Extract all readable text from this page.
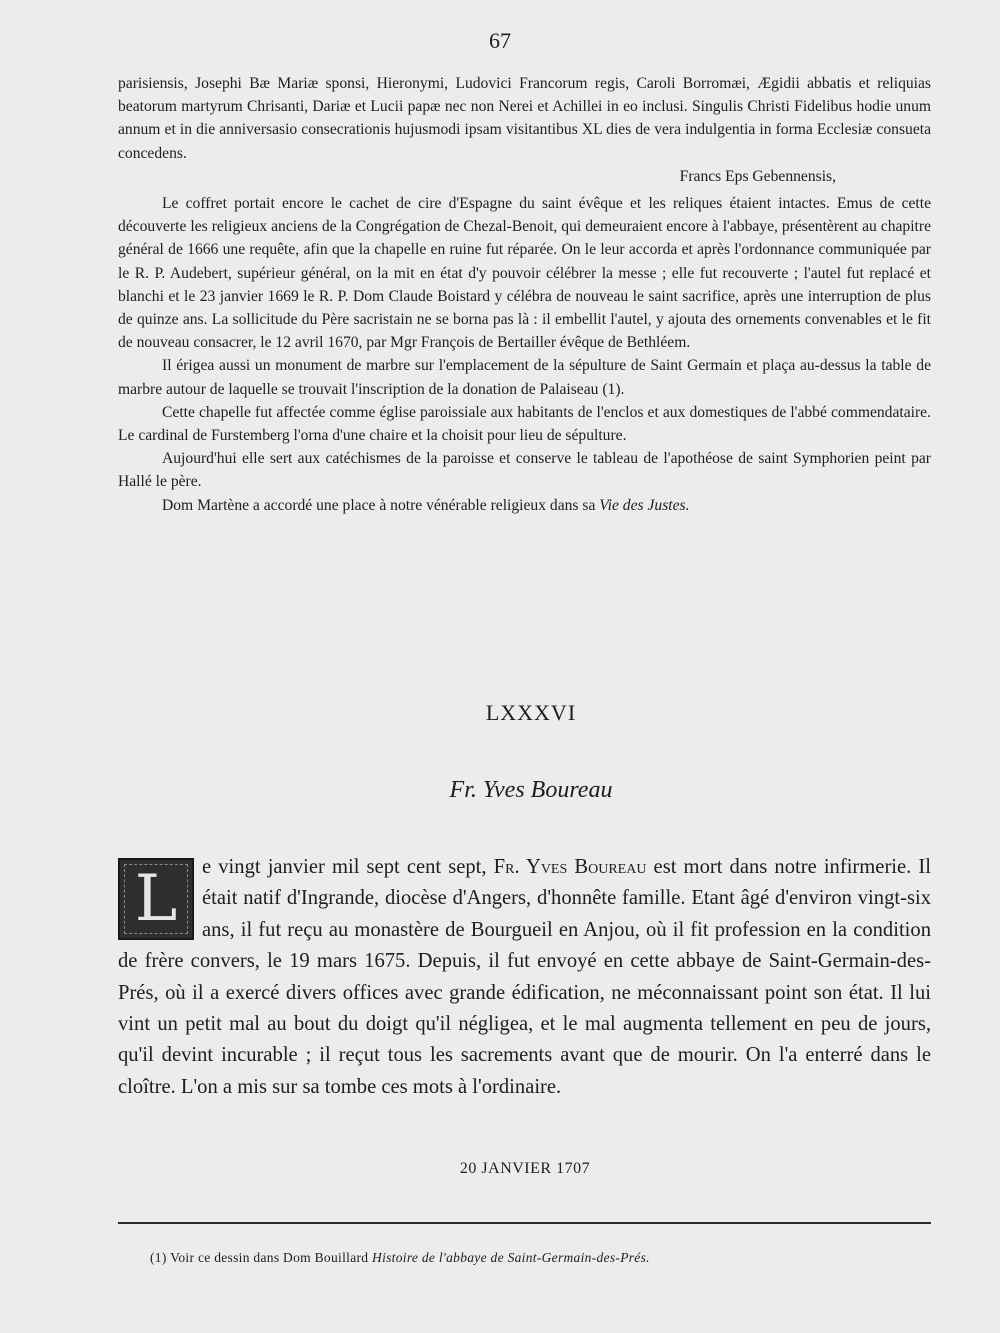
67

parisiensis, Josephi Bæ Mariæ sponsi, Hieronymi, Ludovici Francorum regis, Caroli Borromæi, Ægidii abbatis et reliquias beatorum martyrum Chrisanti, Dariæ et Lucii papæ nec non Nerei et Achillei in eo inclusi. Singulis Christi Fidelibus hodie unum annum et in die anniversasio consecrationis hujusmodi ipsam visitantibus XL dies de vera indulgentia in forma Ecclesiæ consueta concedens.

Francs Eps Gebennensis,

Le coffret portait encore le cachet de cire d'Espagne du saint évêque et les reliques étaient intactes. Emus de cette découverte les religieux anciens de la Congrégation de Chezal-Benoit, qui demeuraient encore à l'abbaye, présentèrent au chapitre général de 1666 une requête, afin que la chapelle en ruine fut réparée. On le leur accorda et après l'ordonnance communiquée par le R. P. Audebert, supérieur général, on la mit en état d'y pouvoir célébrer la messe ; elle fut recouverte ; l'autel fut replacé et blanchi et le 23 janvier 1669 le R. P. Dom Claude Boistard y célébra de nouveau le saint sacrifice, après une interruption de plus de quinze ans. La sollicitude du Père sacristain ne se borna pas là : il embellit l'autel, y ajouta des ornements convenables et le fit de nouveau consacrer, le 12 avril 1670, par Mgr François de Bertailler évêque de Bethléem.

Il érigea aussi un monument de marbre sur l'emplacement de la sépulture de Saint Germain et plaça au-dessus la table de marbre autour de laquelle se trouvait l'inscription de la donation de Palaiseau (1).

Cette chapelle fut affectée comme église paroissiale aux habitants de l'enclos et aux domestiques de l'abbé commendataire. Le cardinal de Furstemberg l'orna d'une chaire et la choisit pour lieu de sépulture.

Aujourd'hui elle sert aux catéchismes de la paroisse et conserve le tableau de l'apothéose de saint Symphorien peint par Hallé le père.

Dom Martène a accordé une place à notre vénérable religieux dans sa Vie des Justes.

LXXXVI
Fr. Yves Boureau
L	e vingt janvier mil sept cent sept, Fr. Yves Boureau est mort dans notre infirmerie. Il était natif d'Ingrande, diocèse d'Angers, d'honnête famille. Etant âgé d'environ vingt-six ans, il fut reçu au monastère de Bourgueil en Anjou, où il fit profession en la condition de frère convers, le 19 mars 1675. Depuis, il fut envoyé en cette abbaye de Saint-Germain-des-Prés, où il a exercé divers offices avec grande édification, ne méconnaissant point son état. Il lui vint un petit mal au bout du doigt qu'il négligea, et le mal augmenta tellement en peu de jours, qu'il devint incurable ; il reçut tous les sacrements avant que de mourir. On l'a enterré dans le cloître. L'on a mis sur sa tombe ces mots à l'ordinaire.

20 JANVIER 1707
(1) Voir ce dessin dans Dom Bouillard Histoire de l'abbaye de Saint-Germain-des-Prés.
